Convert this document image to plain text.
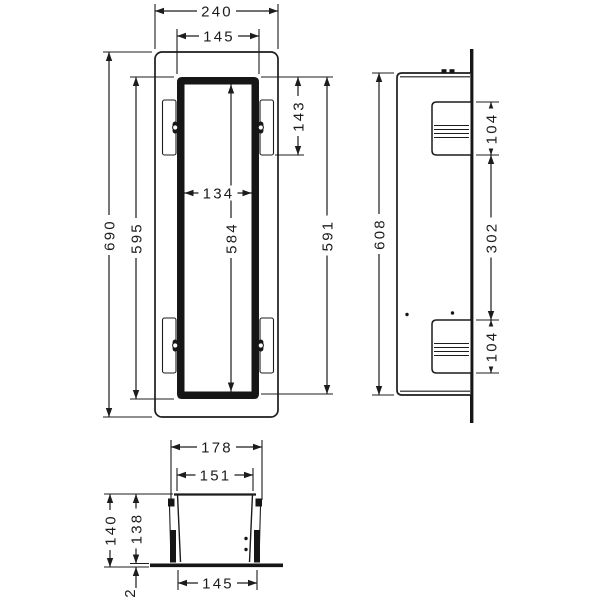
240
145
690 595
143
591
134
584	608
104
302
104
178
151
140 138
145
2
